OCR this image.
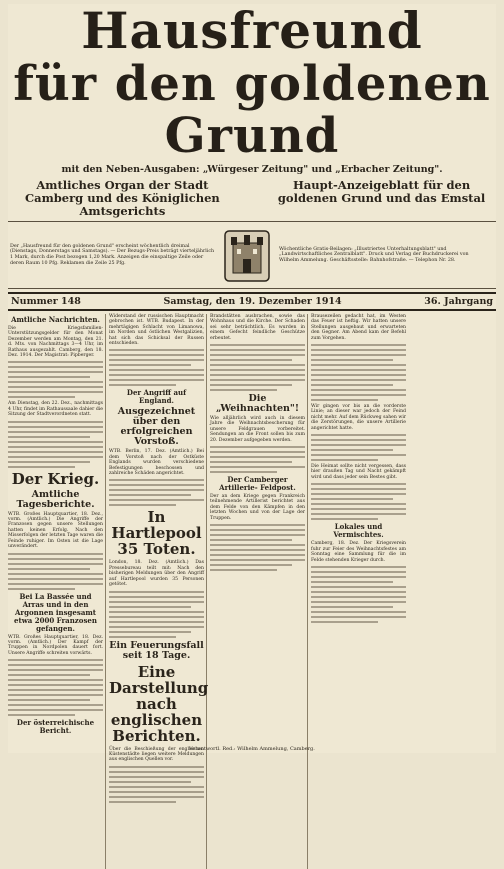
Hausfreund
für den goldenen Grund
mit den Neben-Ausgaben: „Würgeser Zeitung" und „Erbacher Zeitung".
Amtliches Organ der Stadt Camberg und des Königlichen Amtsgerichts
Haupt-Anzeigeblatt für den goldenen Grund und das Emstal
Der „Hausfreund für den goldenen Grund" erscheint wöchentlich dreimal (Dienstags, Donnerstags und Samstags). — Der Bezugs-Preis beträgt vierteljährlich 1 Mark, durch die Post bezogen 1,20 Mark. Anzeigen die einspaltige Zeile oder deren Raum 10 Pfg. Reklamen die Zeile 25 Pfg.
Wöchentliche Gratis-Beilagen: „Illustriertes Unterhaltungsblatt" und „Landwirtschaftliches Zentralblatt". Druck und Verlag der Buchdruckerei von Wilhelm Ammelung. Geschäftsstelle: Bahnhofstraße. — Telephon Nr. 28.
Nummer 148	Samstag, den 19. Dezember 1914	36. Jahrgang
Amtliche Nachrichten.
Die Kriegsfamilien-Unterstützungsgelder für den Monat Dezember werden am Montag, den 21. d. Mts. von Nachmittags 3—4 Uhr, im Rathaus ausgezahlt. Camberg, den 18. Dez. 1914. Der Magistrat: Pipberger.
Am Dienstag, den 22. Dez., nachmittags 4 Uhr, findet im Rathaussaale dahier die Sitzung der Stadtverordneten statt.
Der Krieg.
Amtliche Tagesberichte.
WTB. Großes Hauptquartier, 18. Dez., vorm. (Amtlich.) Die Angriffe der Franzosen gegen unsere Stellungen hatten keinen Erfolg. Nach den Misserfolgen der letzten Tage waren die Feinde ruhiger. Im Osten ist die Lage unverändert.
Bei La Bassée und Arras und in den Argonnen insgesamt etwa 2000 Franzosen gefangen.
WTB. Großes Hauptquartier, 18. Dez. vorm. (Amtlich.) Der Kampf der Truppen in Nordpolen dauert fort. Unsere Angriffe schreiten vorwärts.
Der österreichische Bericht.
Widerstand der russischen Hauptmacht gebrochen ist. WTB. Budapest. In der mehrtägigen Schlacht von Limanowa, im Norden und östlichen Westgalizien, hat sich das Schicksal der Russen entschieden.
Der Angriff auf England.
Ausgezeichnet über den erfolgreichen Vorstoß.
WTB. Berlin, 17. Dez. (Amtlich.) Bei dem Vorstoß nach der Ostküste Englands wurden verschiedene Befestigungen beschossen und zahlreiche Schäden angerichtet.
In Hartlepool 35 Toten.
London, 18. Dez. (Amtlich.) Das Pressebureau teilt mit: Nach den bisherigen Meldungen über den Angriff auf Hartlepool wurden 35 Personen getötet.
Ein Feuerungsfall seit 18 Tage.
Eine Darstellung nach englischen Berichten.
Über die Beschießung der englischen Küstenstädte liegen weitere Meldungen aus englischen Quellen vor.
Brandstätten ausbrachen, sowie das Wohnhaus und die Kirche. Der Schaden sei sehr beträchtlich. Es wurden in einem Gefecht feindliche Geschütze erbeutet.
Die „Weihnachten"!
Wie alljährlich wird auch in diesem Jahre die Weihnachtsbescherung für unsere Feldgrauen vorbereitet. Sendungen an die Front sollen bis zum 20. Dezember aufgegeben werden.
Der Camberger Artillerie- Feldpost.
Der an dem Kriege gegen Frankreich teilnehmende Artillerist berichtet aus dem Felde von den Kämpfen in den letzten Wochen und von der Lage der Truppen.
Brausezeilen gedacht hat, im Westen das Feuer ist heftig. Wir hatten unsere Stellungen ausgebaut und erwarteten den Gegner. Am Abend kam der Befehl zum Vorgehen.
Wir gingen vor bis an die vorderste Linie; an dieser war jedoch der Feind nicht mehr. Auf dem Rückweg sahen wir die Zerstörungen, die unsere Artillerie angerichtet hatte.
Die Heimat sollte nicht vergessen, dass hier draußen Tag und Nacht gekämpft wird und dass jeder sein Bestes gibt.
Lokales und Vermischtes.
Camberg, 18. Dez. Der Kriegsverein fuhr zur Feier des Weihnachtsfestes am Sonntag eine Sammlung für die im Felde stehenden Krieger durch.
Verantwortl. Red.: Wilhelm Ammelung, Camberg.
